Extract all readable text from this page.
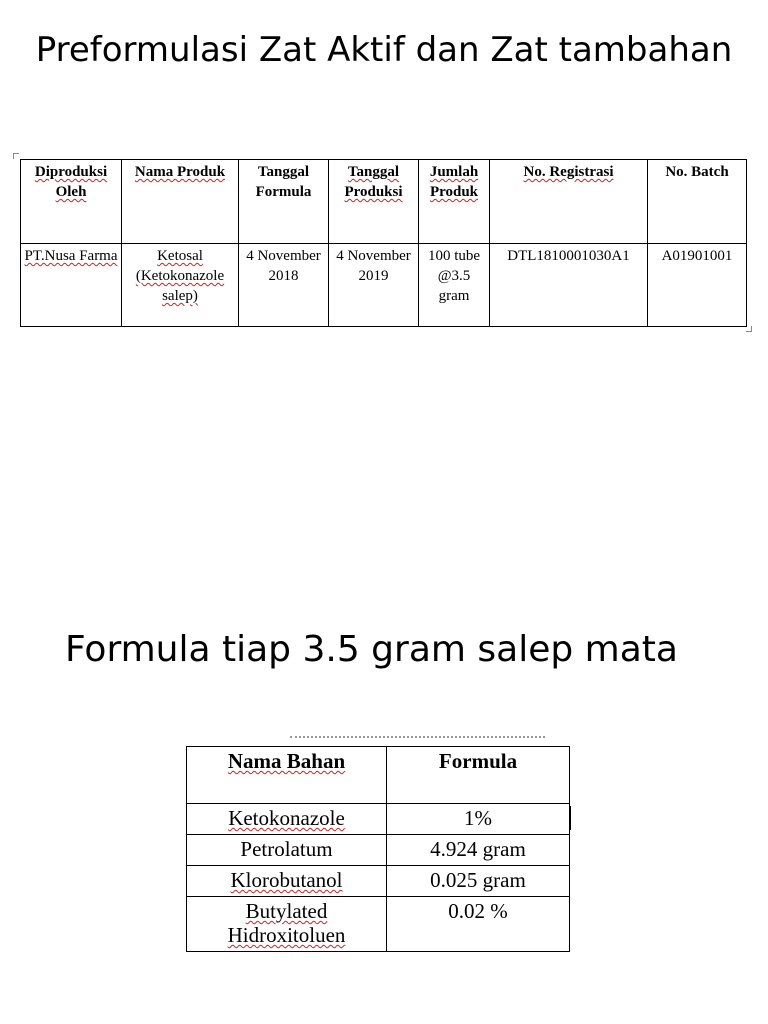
Preformulasi Zat Aktif dan Zat tambahan
Diproduksi Oleh	Nama Produk	Tanggal Formula	Tanggal Produksi	Jumlah Produk	No. Registrasi	No. Batch
PT.Nusa Farma	Ketosal (Ketokonazole salep)	4 November 2018	4 November 2019	100 tube @3.5 gram	DTL1810001030A1	A01901001
Formula tiap 3.5 gram salep mata
Nama Bahan	Formula
Ketokonazole	1%
Petrolatum	4.924 gram
Klorobutanol	0.025 gram
Butylated Hidroxitoluen	0.02 %
